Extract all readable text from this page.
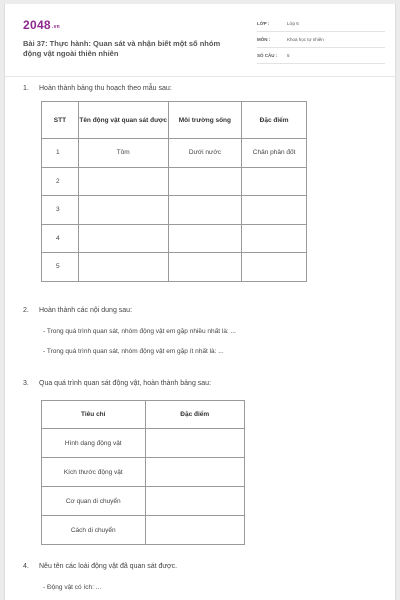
2048.vn
Bài 37: Thực hành: Quan sát và nhận biết một số nhóm động vật ngoài thiên nhiên
LỚP :	Lớp 6
MÔN :	Khoa học tự nhiên
SỐ CÂU : 5
1. Hoàn thành bảng thu hoạch theo mẫu sau:
STT	Tên động vật quan sát được	Môi trường sống	Đặc điểm
1	Tôm	Dưới nước	Chân phân đốt
2			
3			
4			
5			
2. Hoàn thành các nội dung sau:
- Trong quá trình quan sát, nhóm động vật em gặp nhiều nhất là: ...
- Trong quá trình quan sát, nhóm động vật em gặp ít nhất là: ...
3. Qua quá trình quan sát động vật, hoàn thành bảng sau:
Tiêu chí	Đặc điểm
Hình dạng động vật	
Kích thước động vật	
Cơ quan di chuyển	
Cách di chuyển	
4. Nêu tên các loài động vật đã quan sát được.
- Động vật có ích: ...
